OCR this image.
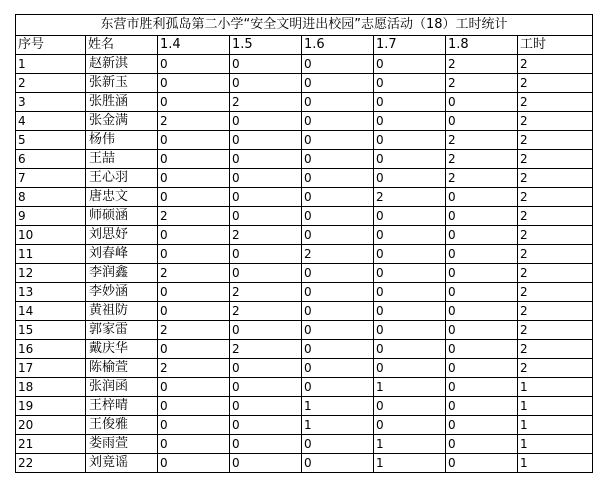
东营市胜利孤岛第二小学“安全文明进出校园”志愿活动（18）工时统计							
序号	姓名	1.4	1.5	1.6	1.7	1.8	工时
1	赵新淇	0	0	0	0	2	2
2	张新玉	0	0	0	0	2	2
3	张胜涵	0	2	0	0	0	2
4	张金满	2	0	0	0	0	2
5	杨伟	0	0	0	0	2	2
6	王喆	0	0	0	0	2	2
7	王心羽	0	0	0	0	2	2
8	唐忠文	0	0	0	2	0	2
9	师硕涵	2	0	0	0	0	2
10	刘思妤	0	2	0	0	0	2
11	刘春峰	0	0	2	0	0	2
12	李润鑫	2	0	0	0	0	2
13	李妙涵	0	2	0	0	0	2
14	黄祖防	0	2	0	0	0	2
15	郭家雷	2	0	0	0	0	2
16	戴庆华	0	2	0	0	0	2
17	陈榆萱	2	0	0	0	0	2
18	张润函	0	0	0	1	0	1
19	王梓晴	0	0	1	0	0	1
20	王俊雅	0	0	1	0	0	1
21	娄雨萱	0	0	0	1	0	1
22	刘竟谣	0	0	0	1	0	1
